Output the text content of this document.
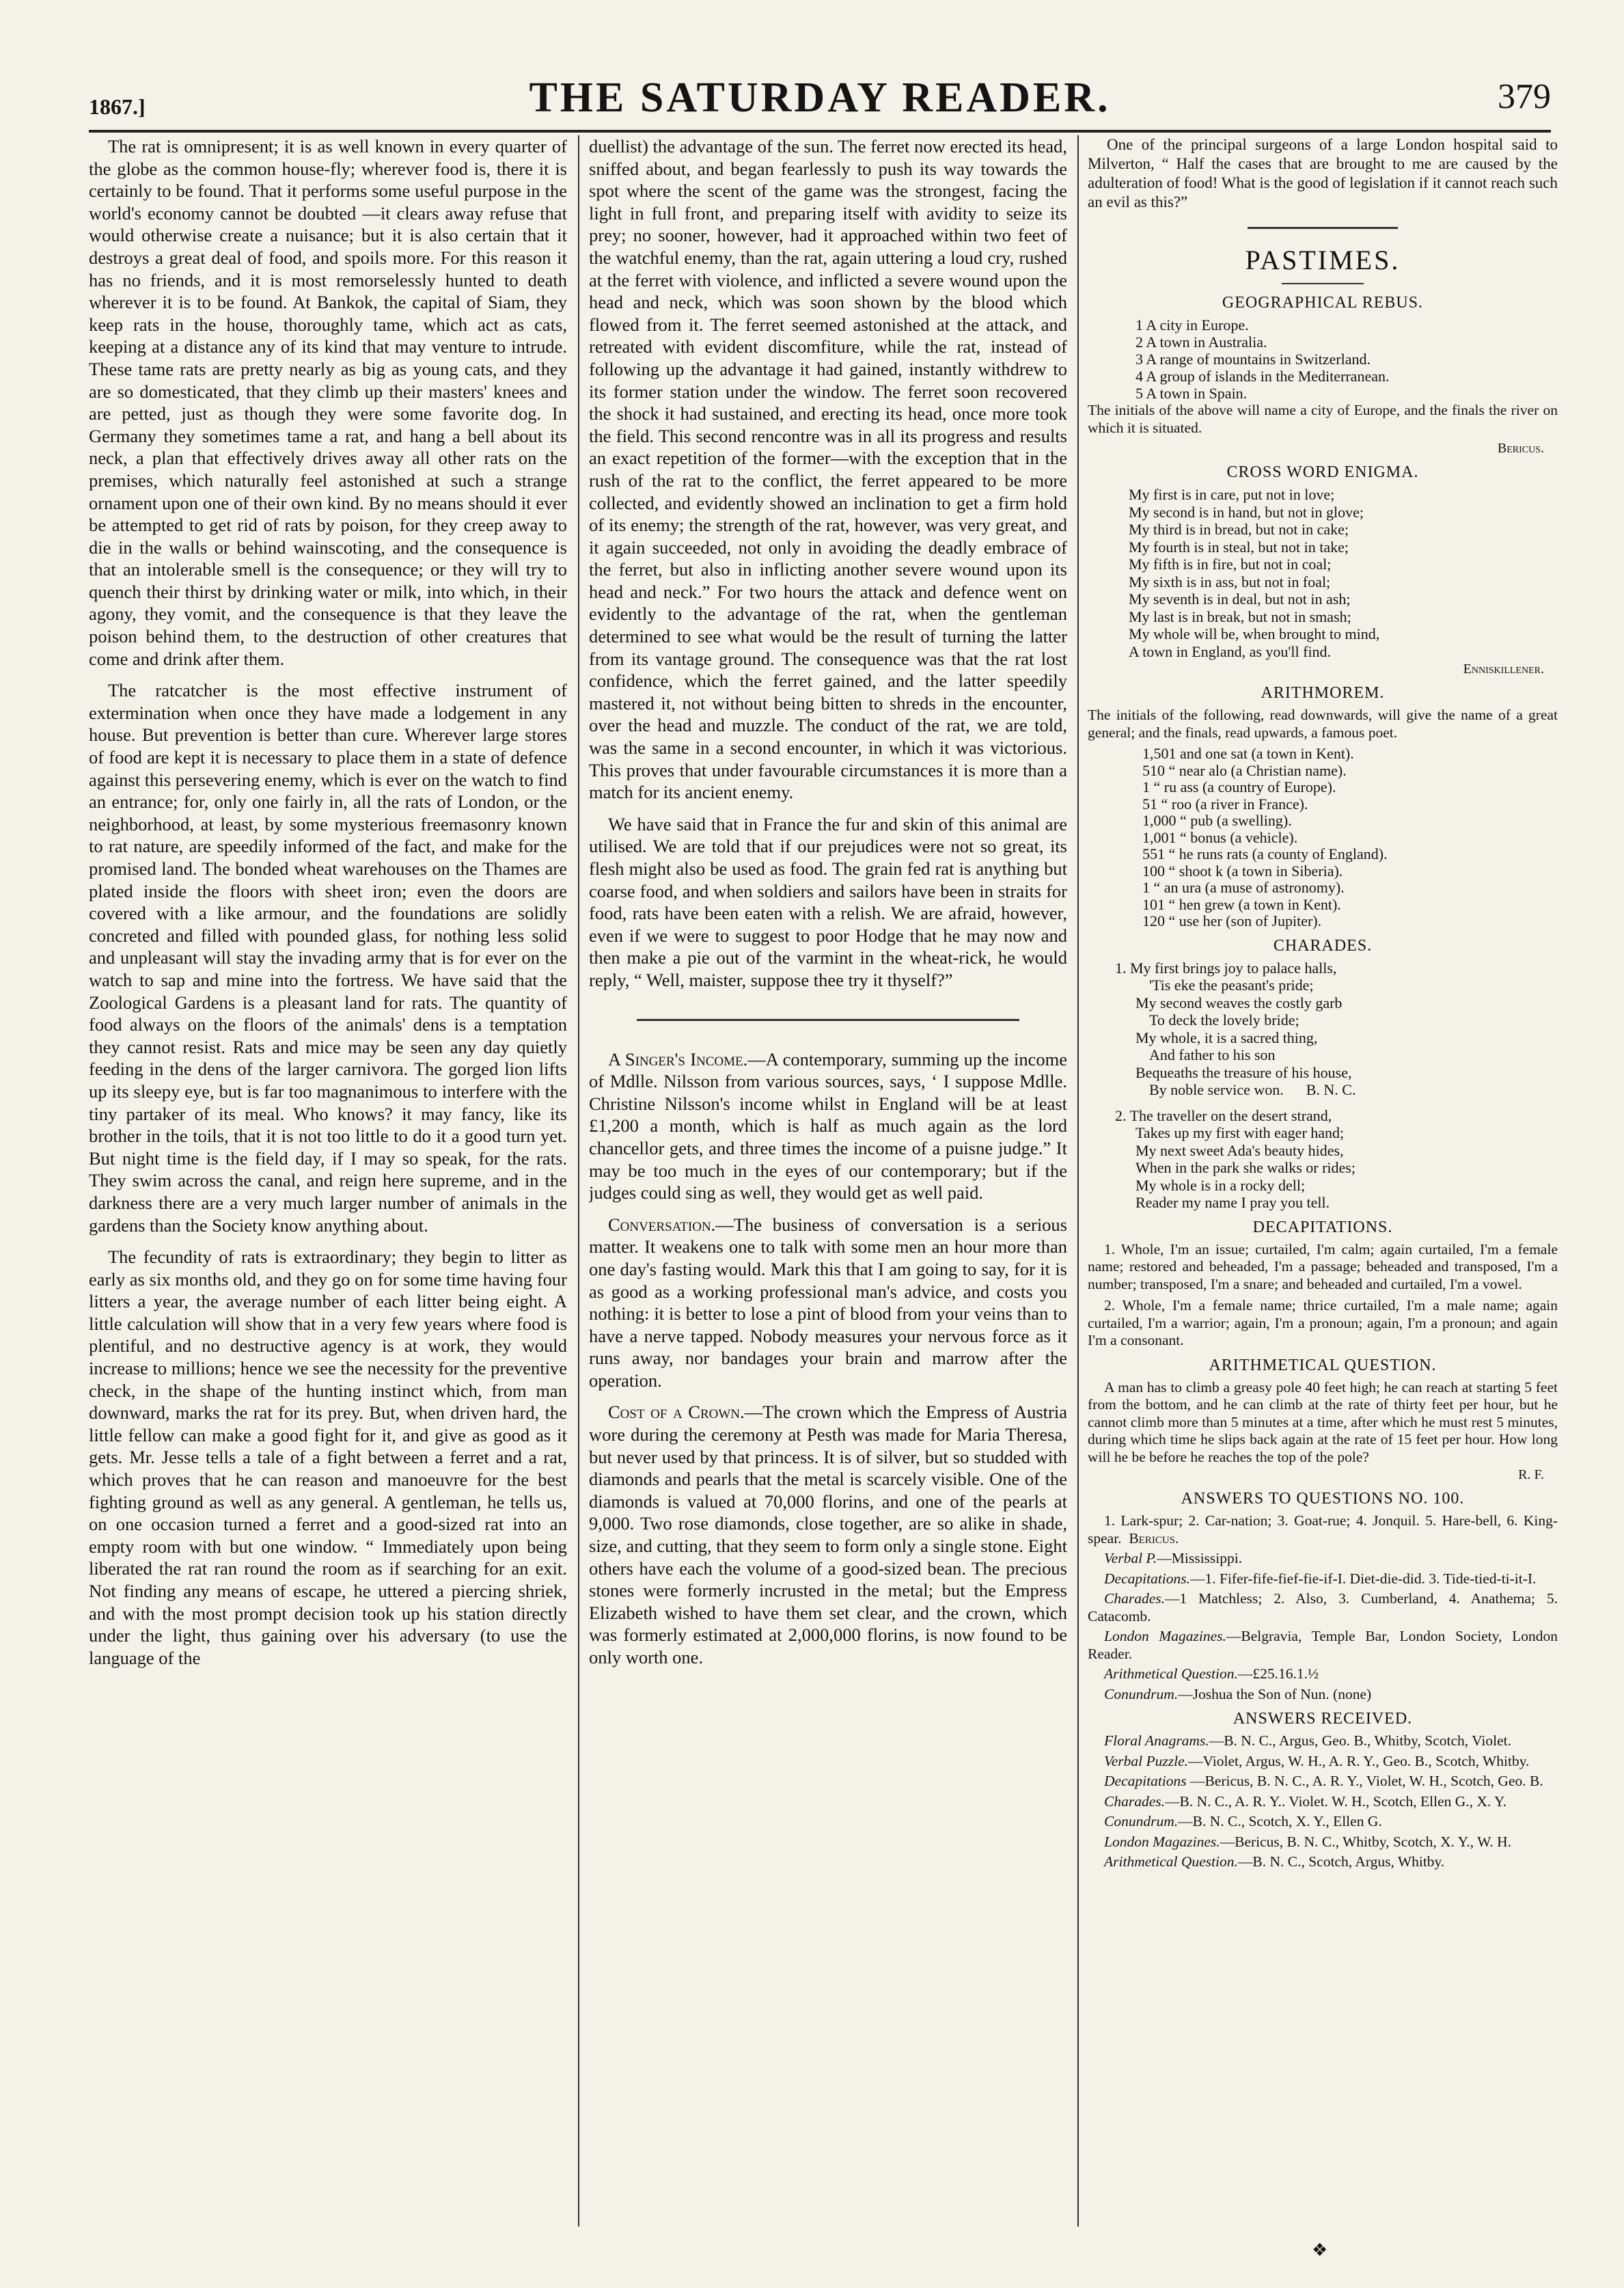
1867.]	THE SATURDAY READER.	379

The rat is omnipresent; it is as well known in every quarter of the globe as the common house-fly; wherever food is, there it is certainly to be found. That it performs some useful purpose in the world's economy cannot be doubted —it clears away refuse that would otherwise create a nuisance; but it is also certain that it destroys a great deal of food, and spoils more. For this reason it has no friends, and it is most remorselessly hunted to death wherever it is to be found. At Bankok, the capital of Siam, they keep rats in the house, thoroughly tame, which act as cats, keeping at a distance any of its kind that may venture to intrude. These tame rats are pretty nearly as big as young cats, and they are so domesticated, that they climb up their masters' knees and are petted, just as though they were some favorite dog. In Germany they sometimes tame a rat, and hang a bell about its neck, a plan that effectively drives away all other rats on the premises, which naturally feel astonished at such a strange ornament upon one of their own kind. By no means should it ever be attempted to get rid of rats by poison, for they creep away to die in the walls or behind wainscoting, and the consequence is that an intolerable smell is the consequence; or they will try to quench their thirst by drinking water or milk, into which, in their agony, they vomit, and the consequence is that they leave the poison behind them, to the destruction of other creatures that come and drink after them.

The ratcatcher is the most effective instrument of extermination when once they have made a lodgement in any house. But prevention is better than cure. Wherever large stores of food are kept it is necessary to place them in a state of defence against this persevering enemy, which is ever on the watch to find an entrance; for, only one fairly in, all the rats of London, or the neighborhood, at least, by some mysterious freemasonry known to rat nature, are speedily informed of the fact, and make for the promised land. The bonded wheat warehouses on the Thames are plated inside the floors with sheet iron; even the doors are covered with a like armour, and the foundations are solidly concreted and filled with pounded glass, for nothing less solid and unpleasant will stay the invading army that is for ever on the watch to sap and mine into the fortress. We have said that the Zoological Gardens is a pleasant land for rats. The quantity of food always on the floors of the animals' dens is a temptation they cannot resist. Rats and mice may be seen any day quietly feeding in the dens of the larger carnivora. The gorged lion lifts up its sleepy eye, but is far too magnanimous to interfere with the tiny partaker of its meal. Who knows? it may fancy, like its brother in the toils, that it is not too little to do it a good turn yet. But night time is the field day, if I may so speak, for the rats. They swim across the canal, and reign here supreme, and in the darkness there are a very much larger number of animals in the gardens than the Society know anything about.

The fecundity of rats is extraordinary; they begin to litter as early as six months old, and they go on for some time having four litters a year, the average number of each litter being eight. A little calculation will show that in a very few years where food is plentiful, and no destructive agency is at work, they would increase to millions; hence we see the necessity for the preventive check, in the shape of the hunting instinct which, from man downward, marks the rat for its prey. But, when driven hard, the little fellow can make a good fight for it, and give as good as it gets. Mr. Jesse tells a tale of a fight between a ferret and a rat, which proves that he can reason and manoeuvre for the best fighting ground as well as any general. A gentleman, he tells us, on one occasion turned a ferret and a good-sized rat into an empty room with but one window. “ Immediately upon being liberated the rat ran round the room as if searching for an exit. Not finding any means of escape, he uttered a piercing shriek, and with the most prompt decision took up his station directly under the light, thus gaining over his adversary (to use the language of the

duellist) the advantage of the sun. The ferret now erected its head, sniffed about, and began fearlessly to push its way towards the spot where the scent of the game was the strongest, facing the light in full front, and preparing itself with avidity to seize its prey; no sooner, however, had it approached within two feet of the watchful enemy, than the rat, again uttering a loud cry, rushed at the ferret with violence, and inflicted a severe wound upon the head and neck, which was soon shown by the blood which flowed from it. The ferret seemed astonished at the attack, and retreated with evident discomfiture, while the rat, instead of following up the advantage it had gained, instantly withdrew to its former station under the window. The ferret soon recovered the shock it had sustained, and erecting its head, once more took the field. This second rencontre was in all its progress and results an exact repetition of the former—with the exception that in the rush of the rat to the conflict, the ferret appeared to be more collected, and evidently showed an inclination to get a firm hold of its enemy; the strength of the rat, however, was very great, and it again succeeded, not only in avoiding the deadly embrace of the ferret, but also in inflicting another severe wound upon its head and neck.” For two hours the attack and defence went on evidently to the advantage of the rat, when the gentleman determined to see what would be the result of turning the latter from its vantage ground. The consequence was that the rat lost confidence, which the ferret gained, and the latter speedily mastered it, not without being bitten to shreds in the encounter, over the head and muzzle. The conduct of the rat, we are told, was the same in a second encounter, in which it was victorious. This proves that under favourable circumstances it is more than a match for its ancient enemy.

We have said that in France the fur and skin of this animal are utilised. We are told that if our prejudices were not so great, its flesh might also be used as food. The grain fed rat is anything but coarse food, and when soldiers and sailors have been in straits for food, rats have been eaten with a relish. We are afraid, however, even if we were to suggest to poor Hodge that he may now and then make a pie out of the varmint in the wheat-rick, he would reply, “ Well, maister, suppose thee try it thyself?”

A Singer's Income.—A contemporary, summing up the income of Mdlle. Nilsson from various sources, says, ‘ I suppose Mdlle. Christine Nilsson's income whilst in England will be at least £1,200 a month, which is half as much again as the lord chancellor gets, and three times the income of a puisne judge.” It may be too much in the eyes of our contemporary; but if the judges could sing as well, they would get as well paid.

Conversation.—The business of conversation is a serious matter. It weakens one to talk with some men an hour more than one day's fasting would. Mark this that I am going to say, for it is as good as a working professional man's advice, and costs you nothing: it is better to lose a pint of blood from your veins than to have a nerve tapped. Nobody measures your nervous force as it runs away, nor bandages your brain and marrow after the operation.

Cost of a Crown.—The crown which the Empress of Austria wore during the ceremony at Pesth was made for Maria Theresa, but never used by that princess. It is of silver, but so studded with diamonds and pearls that the metal is scarcely visible. One of the diamonds is valued at 70,000 florins, and one of the pearls at 9,000. Two rose diamonds, close together, are so alike in shade, size, and cutting, that they seem to form only a single stone. Eight others have each the volume of a good-sized bean. The precious stones were formerly incrusted in the metal; but the Empress Elizabeth wished to have them set clear, and the crown, which was formerly estimated at 2,000,000 florins, is now found to be only worth one.

One of the principal surgeons of a large London hospital said to Milverton, “ Half the cases that are brought to me are caused by the adulteration of food! What is the good of legislation if it cannot reach such an evil as this?”

PASTIMES.
GEOGRAPHICAL REBUS.
1 A city in Europe.
2 A town in Australia.
3 A range of mountains in Switzerland.
4 A group of islands in the Mediterranean.
5 A town in Spain.
The initials of the above will name a city of Europe, and the finals the river on which it is situated.
Bericus.
CROSS WORD ENIGMA.
My first is in care, put not in love;
My second is in hand, but not in glove;
My third is in bread, but not in cake;
My fourth is in steal, but not in take;
My fifth is in fire, but not in coal;
My sixth is in ass, but not in foal;
My seventh is in deal, but not in ash;
My last is in break, but not in smash;
My whole will be, when brought to mind,
A town in England, as you'll find.
Enniskillener.
ARITHMOREM.
The initials of the following, read downwards, will give the name of a great general; and the finals, read upwards, a famous poet.
1,501 and one sat (a town in Kent).
510 “ near alo (a Christian name).
1 “ ru ass (a country of Europe).
51 “ roo (a river in France).
1,000 “ pub (a swelling).
1,001 “ bonus (a vehicle).
551 “ he runs rats (a county of England).
100 “ shoot k (a town in Siberia).
1 “ an ura (a muse of astronomy).
101 “ hen grew (a town in Kent).
120 “ use her (son of Jupiter).
CHARADES.
1. My first brings joy to palace halls,
'Tis eke the peasant's pride;
My second weaves the costly garb
To deck the lovely bride;
My whole, it is a sacred thing,
And father to his son
Bequeaths the treasure of his house,
By noble service won. B. N. C.
2. The traveller on the desert strand,
Takes up my first with eager hand;
My next sweet Ada's beauty hides,
When in the park she walks or rides;
My whole is in a rocky dell;
Reader my name I pray you tell.
DECAPITATIONS.
1. Whole, I'm an issue; curtailed, I'm calm; again curtailed, I'm a female name; restored and beheaded, I'm a passage; beheaded and transposed, I'm a number; transposed, I'm a snare; and beheaded and curtailed, I'm a vowel.
2. Whole, I'm a female name; thrice curtailed, I'm a male name; again curtailed, I'm a warrior; again, I'm a pronoun; again, I'm a pronoun; and again I'm a consonant.
ARITHMETICAL QUESTION.
A man has to climb a greasy pole 40 feet high; he can reach at starting 5 feet from the bottom, and he can climb at the rate of thirty feet per hour, but he cannot climb more than 5 minutes at a time, after which he must rest 5 minutes, during which time he slips back again at the rate of 15 feet per hour. How long will he be before he reaches the top of the pole?
R. F.
ANSWERS TO QUESTIONS NO. 100.
1. Lark-spur; 2. Car-nation; 3. Goat-rue; 4. Jonquil. 5. Hare-bell, 6. King-spear. Bericus.
Verbal P.—Mississippi.
Decapitations.—1. Fifer-fife-fief-fie-if-I. Diet-die-did. 3. Tide-tied-ti-it-I.
Charades.—1 Matchless; 2. Also, 3. Cumberland, 4. Anathema; 5. Catacomb.
London Magazines.—Belgravia, Temple Bar, London Society, London Reader.
Arithmetical Question.—£25.16.1.½
Conundrum.—Joshua the Son of Nun. (none)
ANSWERS RECEIVED.
Floral Anagrams.—B. N. C., Argus, Geo. B., Whitby, Scotch, Violet.
Verbal Puzzle.—Violet, Argus, W. H., A. R. Y., Geo. B., Scotch, Whitby.
Decapitations —Bericus, B. N. C., A. R. Y., Violet, W. H., Scotch, Geo. B.
Charades.—B. N. C., A. R. Y.. Violet. W. H., Scotch, Ellen G., X. Y.
Conundrum.—B. N. C., Scotch, X. Y., Ellen G.
London Magazines.—Bericus, B. N. C., Whitby, Scotch, X. Y., W. H.
Arithmetical Question.—B. N. C., Scotch, Argus, Whitby.
❖
